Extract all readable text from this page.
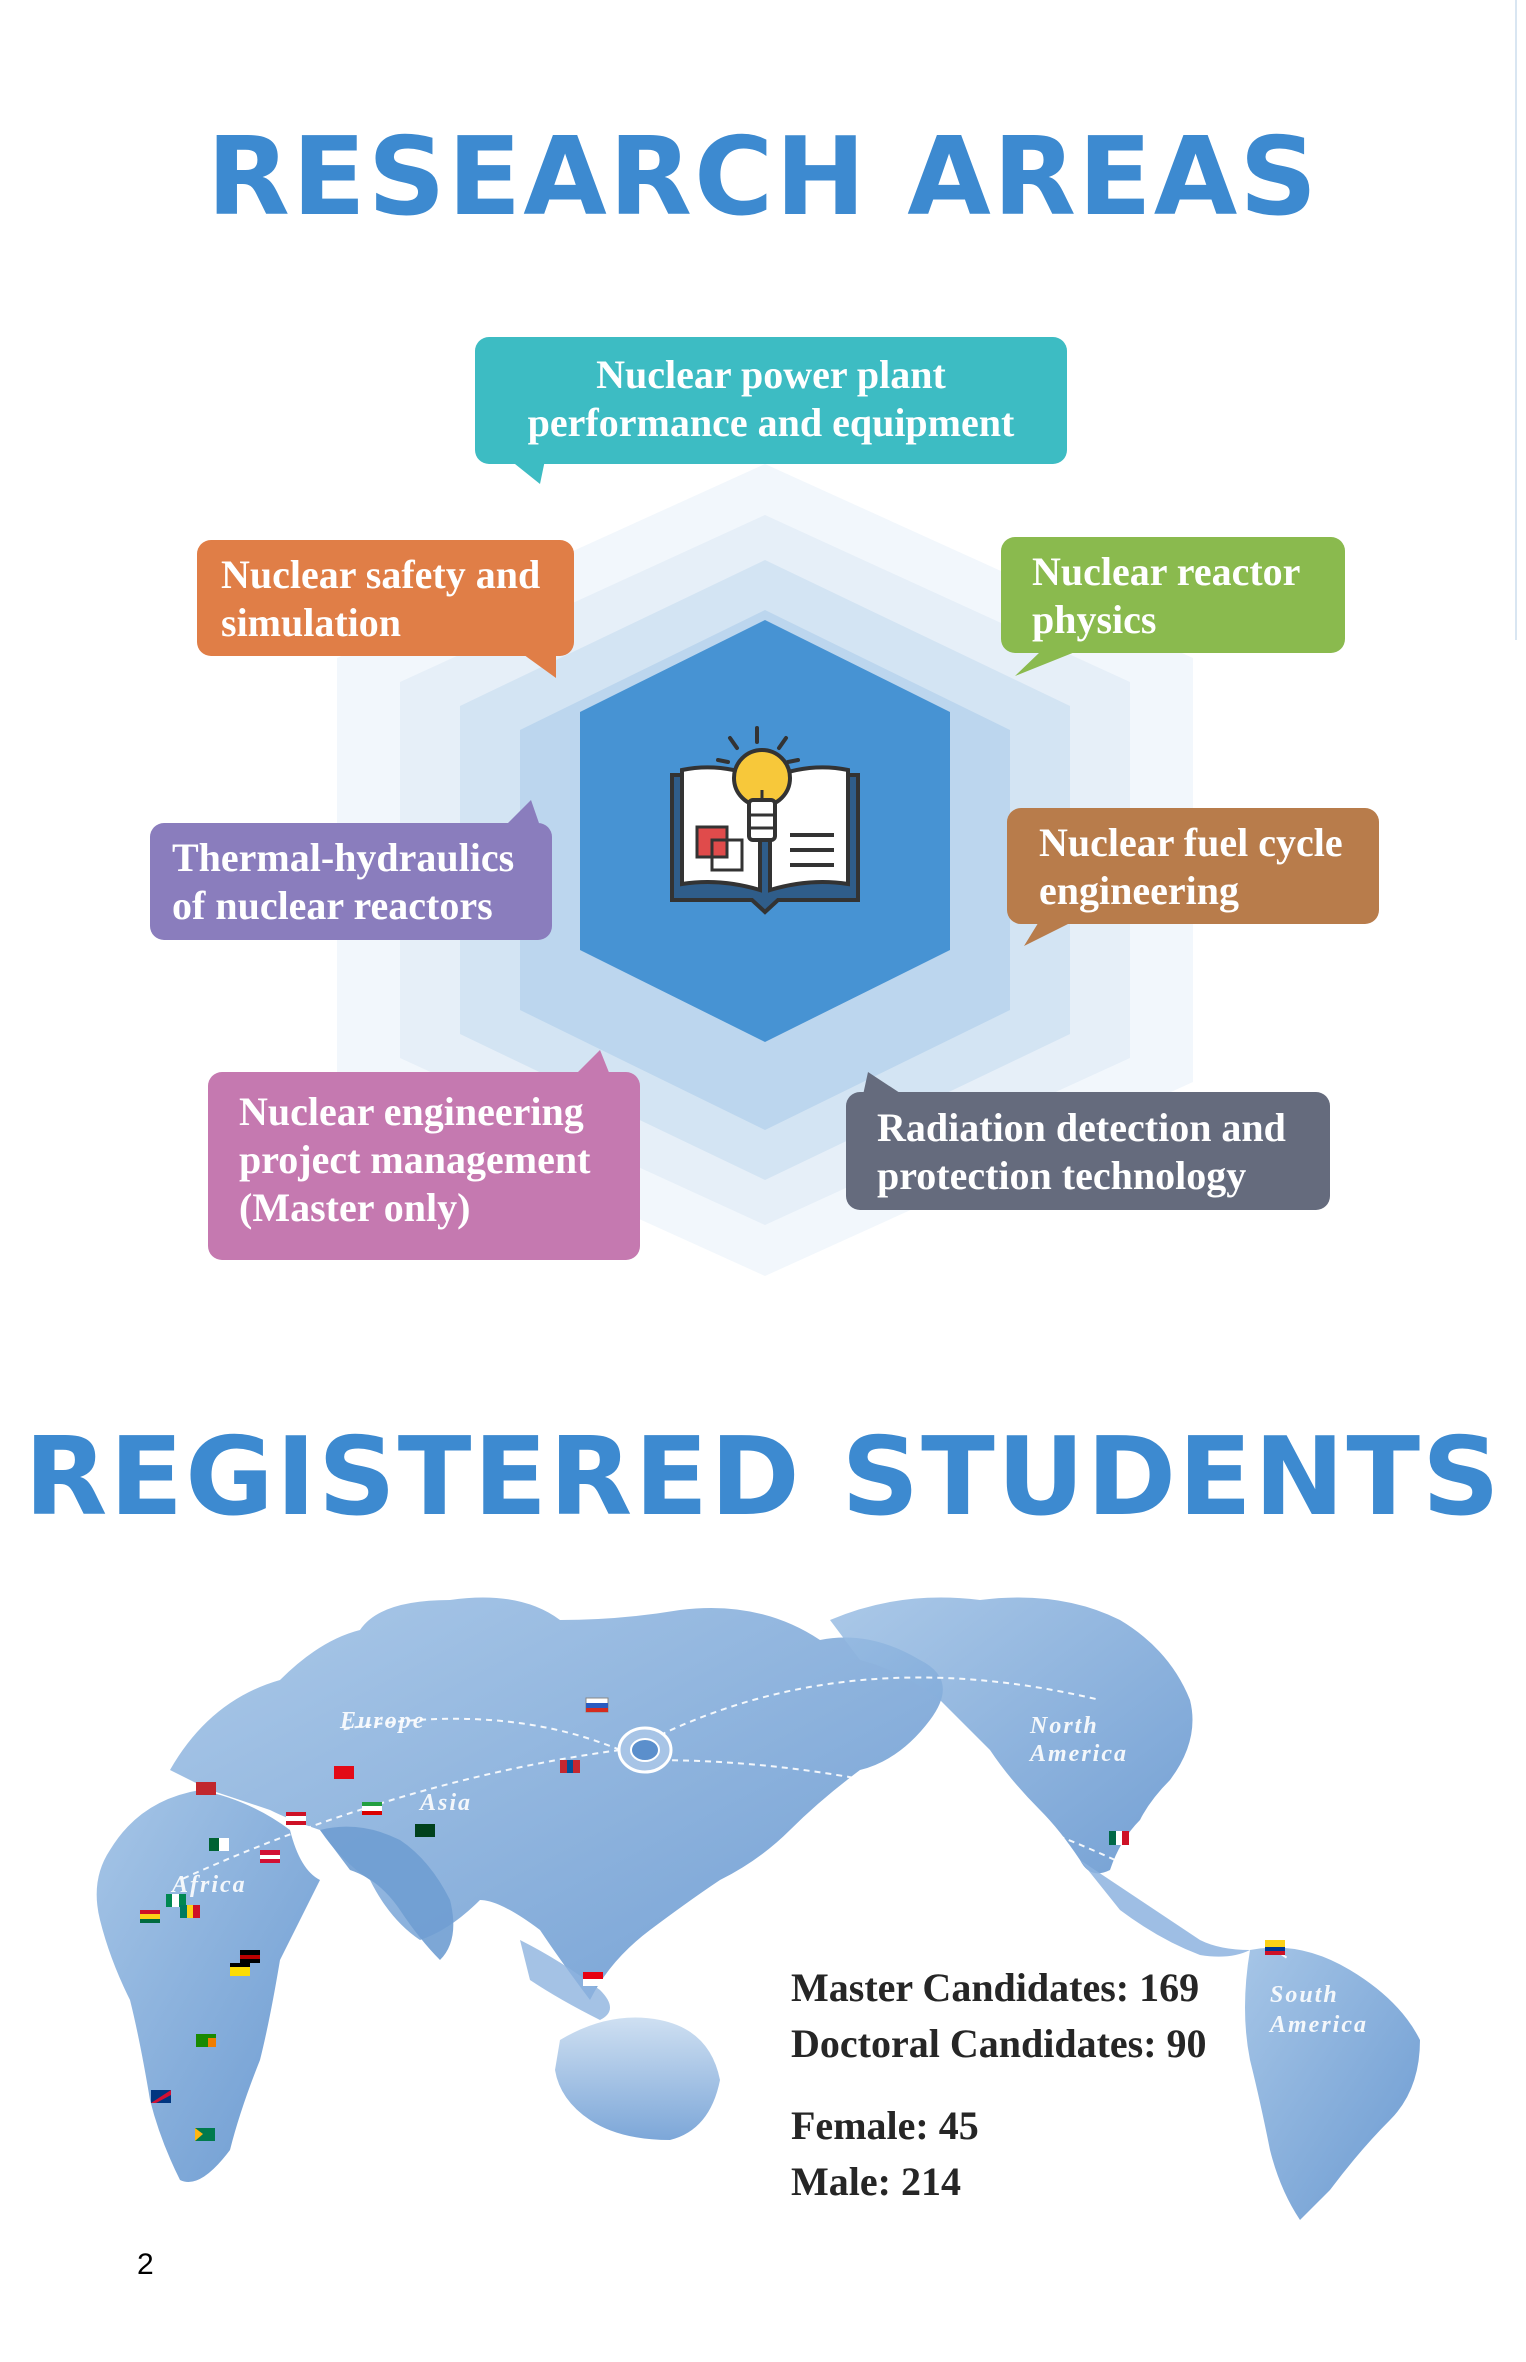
RESEARCH AREAS
Nuclear power plant
performance and equipment
Nuclear safety and
simulation
Nuclear reactor
physics
Thermal-hydraulics
of nuclear reactors
Nuclear fuel cycle
engineering
Nuclear engineering
project management
(Master only)
Radiation detection and
protection technology
REGISTERED STUDENTS
Europe
Asia
Africa
North America
South America
Master Candidates: 169
Doctoral Candidates: 90
Female: 45
Male: 214
2
